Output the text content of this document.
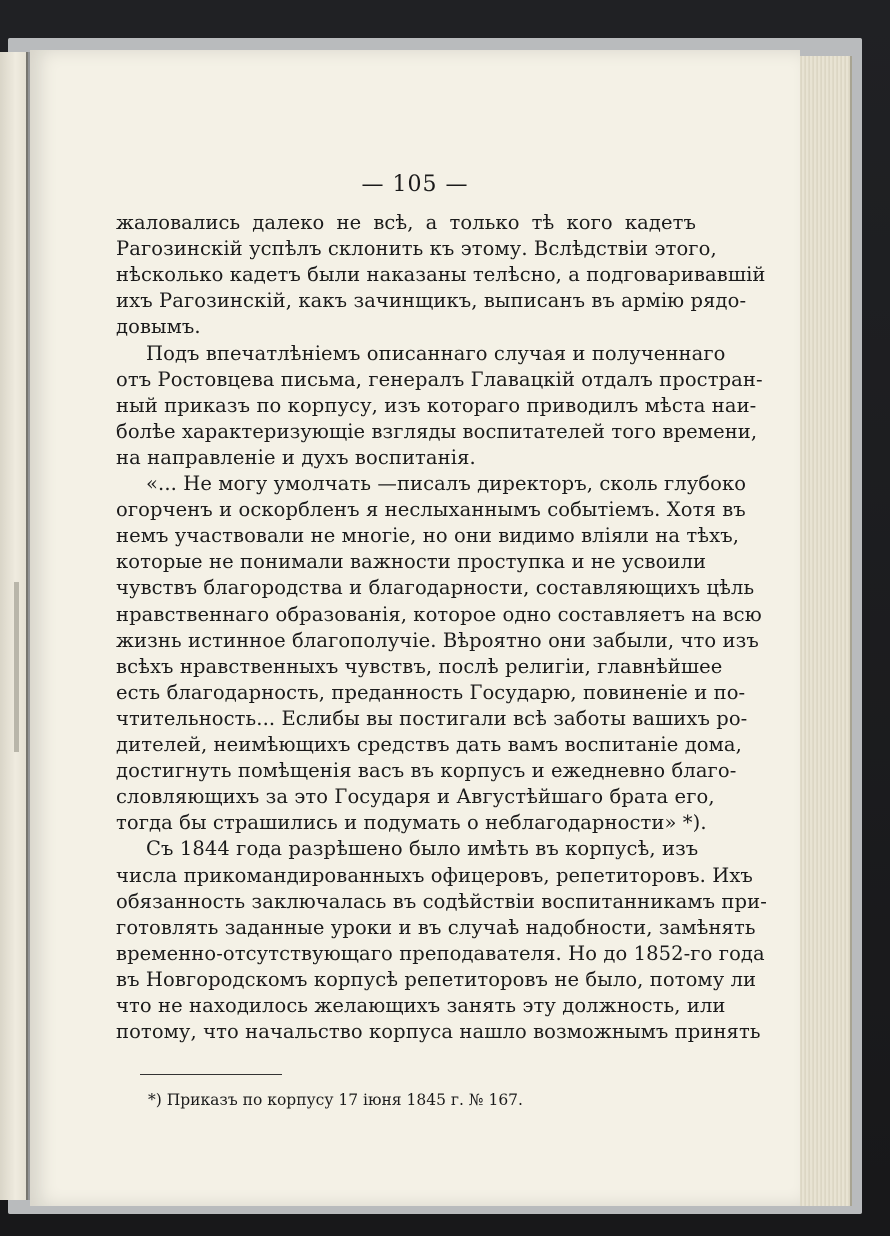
— 105 —
жаловались далеко не всѣ, а только тѣ кого кадетъ
Рагозинскій успѣлъ склонить къ этому. Вслѣдствіи этого,
нѣсколько кадетъ были наказаны телѣсно, а подговаривавшій
ихъ Рагозинскій, какъ зачинщикъ, выписанъ въ армію рядо-
довымъ.
Подъ впечатлѣніемъ описаннаго случая и полученнаго
отъ Ростовцева письма, генералъ Главацкій отдалъ простран-
ный приказъ по корпусу, изъ котораго приводилъ мѣста наи-
болѣе характеризующіе взгляды воспитателей того времени,
на направленіе и духъ воспитанія.
«... Не могу умолчать —писалъ директоръ, сколь глубоко
огорченъ и оскорбленъ я неслыханнымъ событіемъ. Хотя въ
немъ участвовали не многіе, но они видимо вліяли на тѣхъ,
которые не понимали важности проступка и не усвоили
чувствъ благородства и благодарности, составляющихъ цѣль
нравственнаго образованія, которое одно составляетъ на всю
жизнь истинное благополучіе. Вѣроятно они забыли, что изъ
всѣхъ нравственныхъ чувствъ, послѣ религіи, главнѣйшее
есть благодарность, преданность Государю, повиненіе и по-
чтительность... Еслибы вы постигали всѣ заботы вашихъ ро-
дителей, неимѣющихъ средствъ дать вамъ воспитаніе дома,
достигнуть помѣщенія васъ въ корпусъ и ежедневно благо-
словляющихъ за это Государя и Августѣйшаго брата его,
тогда бы страшились и подумать о неблагодарности» *).
Съ 1844 года разрѣшено было имѣть въ корпусѣ, изъ
числа прикомандированныхъ офицеровъ, репетиторовъ. Ихъ
обязанность заключалась въ содѣйствіи воспитанникамъ при-
готовлять заданные уроки и въ случаѣ надобности, замѣнять
временно-отсутствующаго преподавателя. Но до 1852-го года
въ Новгородскомъ корпусѣ репетиторовъ не было, потому ли
что не находилось желающихъ занять эту должность, или
потому, что начальство корпуса нашло возможнымъ принять
*) Приказъ по корпусу 17 іюня 1845 г. № 167.
